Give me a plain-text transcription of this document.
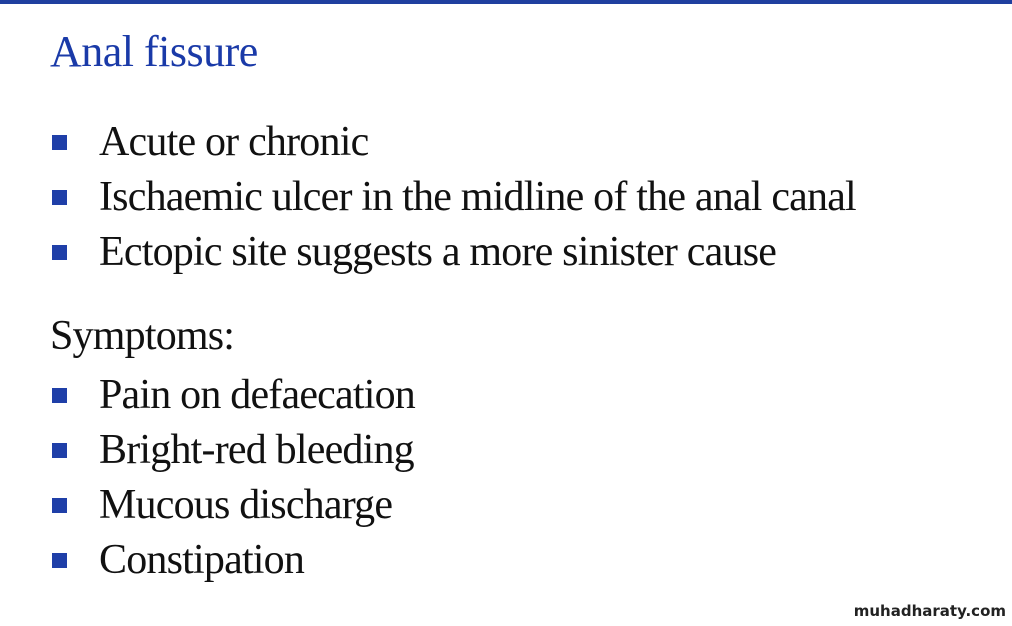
Anal fissure
Acute or chronic
Ischaemic ulcer in the midline of the anal canal
Ectopic site suggests a more sinister cause

Symptoms:

Pain on defaecation
Bright-red bleeding
Mucous discharge
Constipation
muhadharaty.com
